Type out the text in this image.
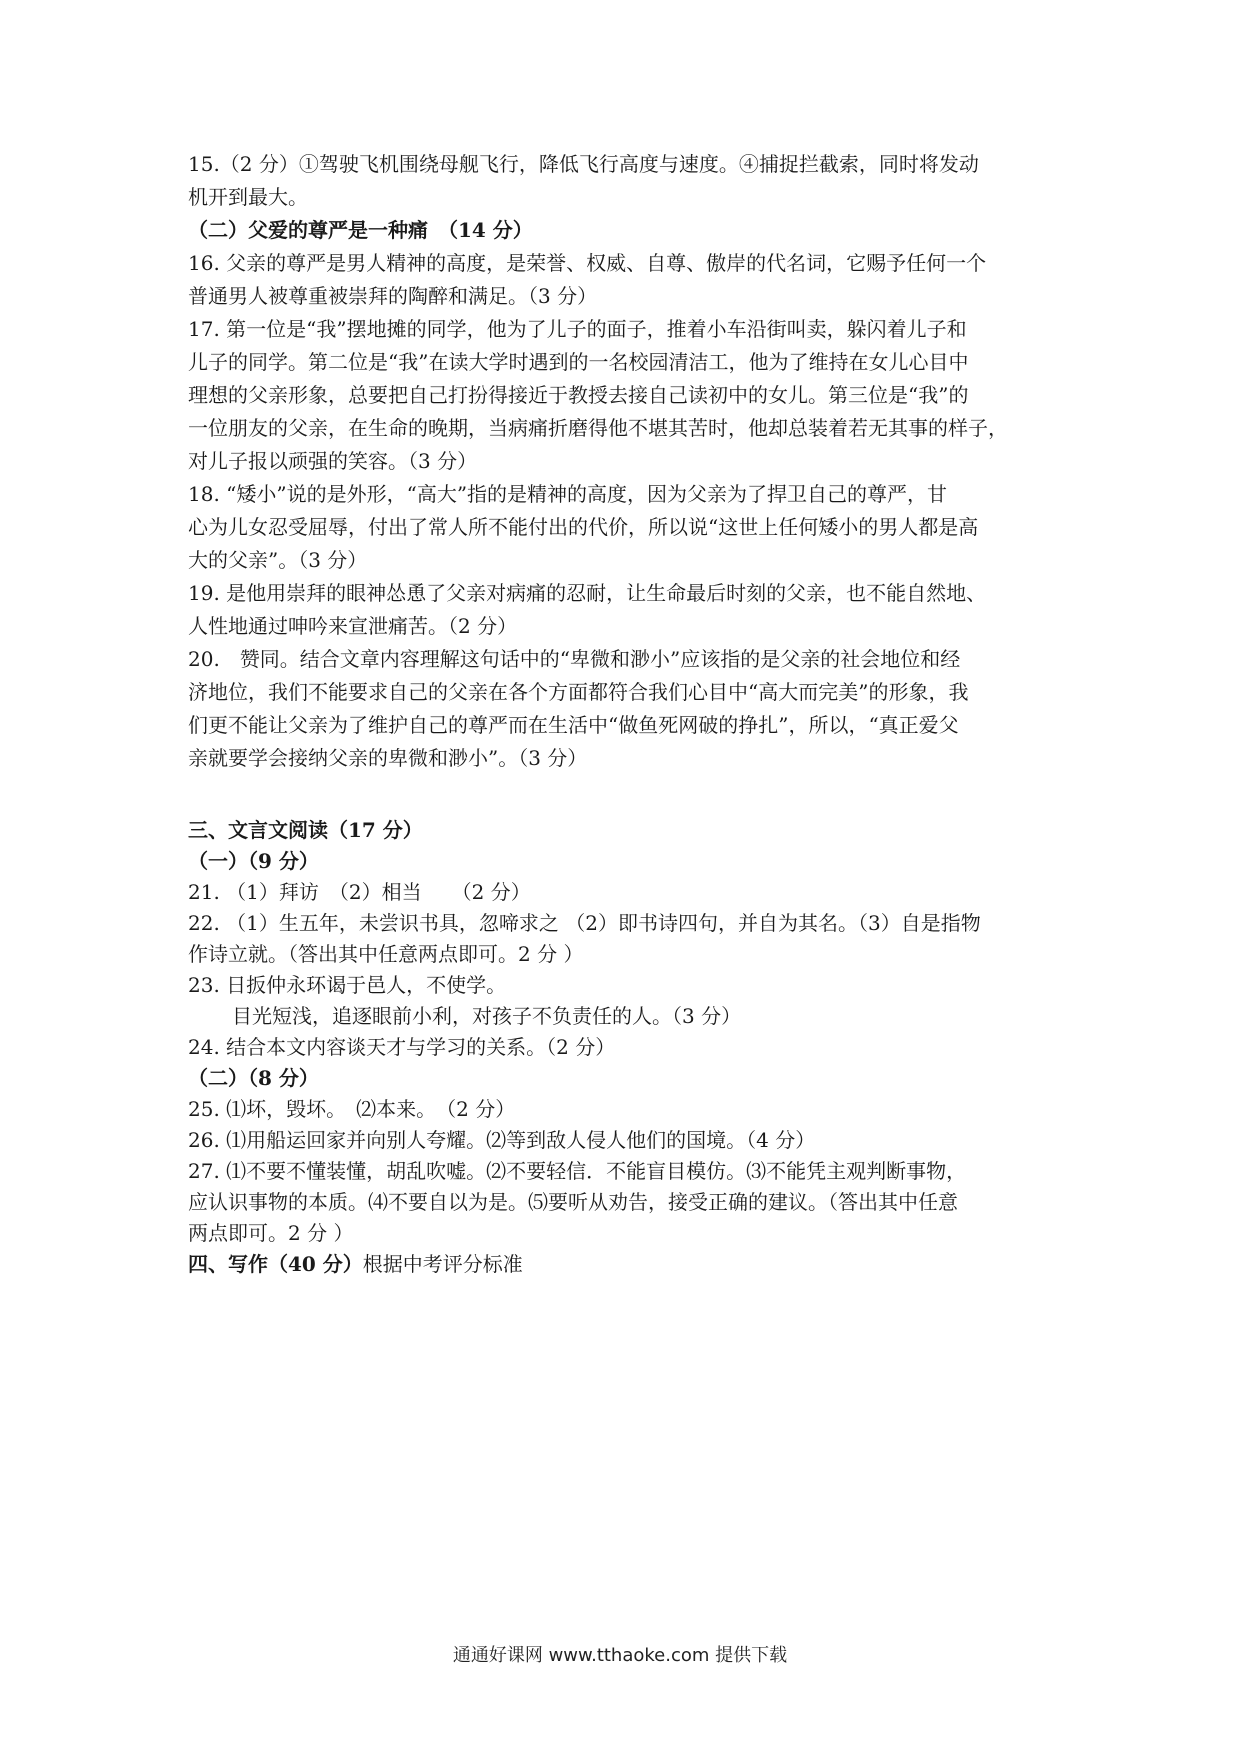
15.（2 分）①驾驶飞机围绕母舰飞行，降低飞行高度与速度。④捕捉拦截索，同时将发动

机开到最大。

（二）父爱的尊严是一种痛　（14 分）

16. 父亲的尊严是男人精神的高度，是荣誉、权威、自尊、傲岸的代名词，它赐予任何一个

普通男人被尊重被崇拜的陶醉和满足。（3 分）

17. 第一位是“我”摆地摊的同学，他为了儿子的面子，推着小车沿街叫卖，躲闪着儿子和

儿子的同学。第二位是“我”在读大学时遇到的一名校园清洁工，他为了维持在女儿心目中

理想的父亲形象，总要把自己打扮得接近于教授去接自己读初中的女儿。第三位是“我”的

一位朋友的父亲，在生命的晚期，当病痛折磨得他不堪其苦时，他却总装着若无其事的样子，

对儿子报以顽强的笑容。（3 分）

18. “矮小”说的是外形，“高大”指的是精神的高度，因为父亲为了捍卫自己的尊严，甘

心为儿女忍受屈辱，付出了常人所不能付出的代价，所以说“这世上任何矮小的男人都是高

大的父亲”。（3 分）

19. 是他用崇拜的眼神怂恿了父亲对病痛的忍耐，让生命最后时刻的父亲，也不能自然地、

人性地通过呻吟来宣泄痛苦。（2 分）

20.　赞同。结合文章内容理解这句话中的“卑微和渺小”应该指的是父亲的社会地位和经

济地位，我们不能要求自己的父亲在各个方面都符合我们心目中“高大而完美”的形象，我

们更不能让父亲为了维护自己的尊严而在生活中“做鱼死网破的挣扎”，所以，“真正爱父

亲就要学会接纳父亲的卑微和渺小”。（3 分）

三、文言文阅读（17 分）

（一）（9 分）

21. （1）拜访　（2）相当　　（2 分）

22. （1）生五年，未尝识书具，忽啼求之 （2）即书诗四句，并自为其名。（3）自是指物

作诗立就。（答出其中任意两点即可。2 分 ）

23. 日扳仲永环谒于邑人，不使学。

目光短浅，追逐眼前小利，对孩子不负责任的人。（3 分）

24. 结合本文内容谈天才与学习的关系。（2 分）

（二）（8 分）

25. ⑴坏，毁坏。　⑵本来。　（2 分）

26. ⑴用船运回家并向别人夸耀。⑵等到敌人侵人他们的国境。（4 分）

27. ⑴不要不懂装懂，胡乱吹嘘。⑵不要轻信．不能盲目模仿。⑶不能凭主观判断事物，

应认识事物的本质。⑷不要自以为是。⑸要听从劝告，接受正确的建议。（答出其中任意

两点即可。2 分 ）

四、写作（40 分）根据中考评分标准

通通好课网 www.tthaoke.com 提供下载
